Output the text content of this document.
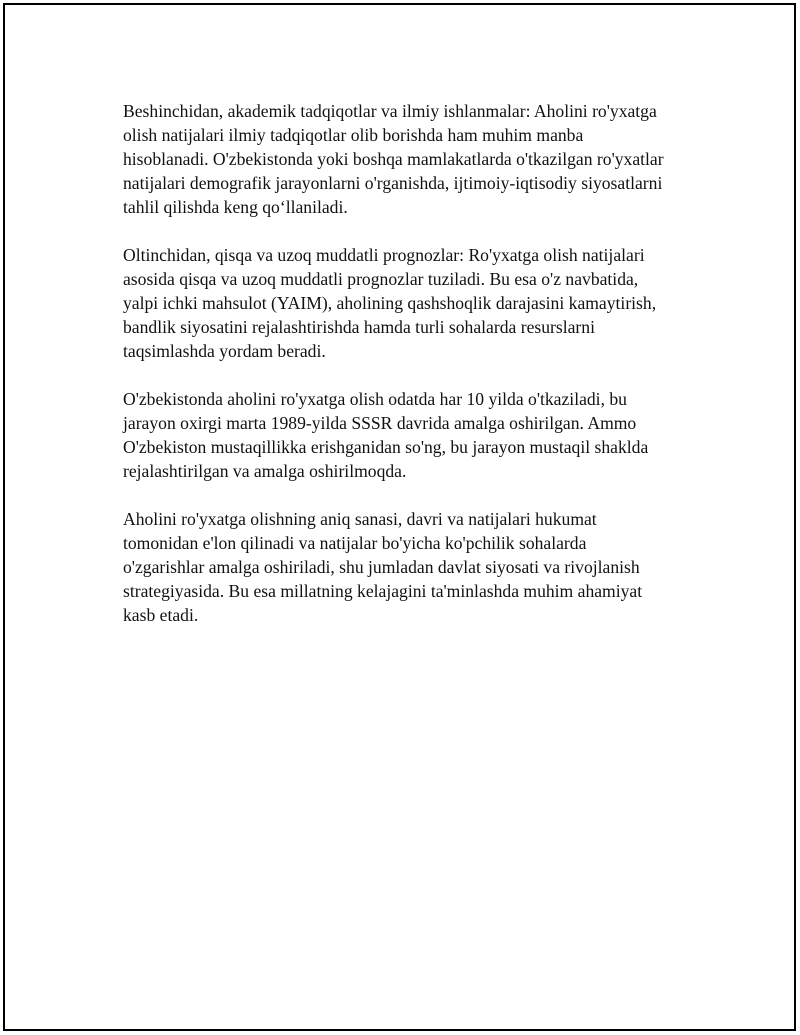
Beshinchidan, akademik tadqiqotlar va ilmiy ishlanmalar: Aholini ro'yxatga
olish natijalari ilmiy tadqiqotlar olib borishda ham muhim manba
hisoblanadi. O'zbekistonda yoki boshqa mamlakatlarda o'tkazilgan ro'yxatlar
natijalari demografik jarayonlarni o'rganishda, ijtimoiy-iqtisodiy siyosatlarni
tahlil qilishda keng qo‘llaniladi.

Oltinchidan, qisqa va uzoq muddatli prognozlar: Ro'yxatga olish natijalari
asosida qisqa va uzoq muddatli prognozlar tuziladi. Bu esa o'z navbatida,
yalpi ichki mahsulot (YAIM), aholining qashshoqlik darajasini kamaytirish,
bandlik siyosatini rejalashtirishda hamda turli sohalarda resurslarni
taqsimlashda yordam beradi.

O'zbekistonda aholini ro'yxatga olish odatda har 10 yilda o'tkaziladi, bu
jarayon oxirgi marta 1989-yilda SSSR davrida amalga oshirilgan. Ammo
O'zbekiston mustaqillikka erishganidan so'ng, bu jarayon mustaqil shaklda
rejalashtirilgan va amalga oshirilmoqda.

Aholini ro'yxatga olishning aniq sanasi, davri va natijalari hukumat
tomonidan e'lon qilinadi va natijalar bo'yicha ko'pchilik sohalarda
o'zgarishlar amalga oshiriladi, shu jumladan davlat siyosati va rivojlanish
strategiyasida. Bu esa millatning kelajagini ta'minlashda muhim ahamiyat
kasb etadi.
